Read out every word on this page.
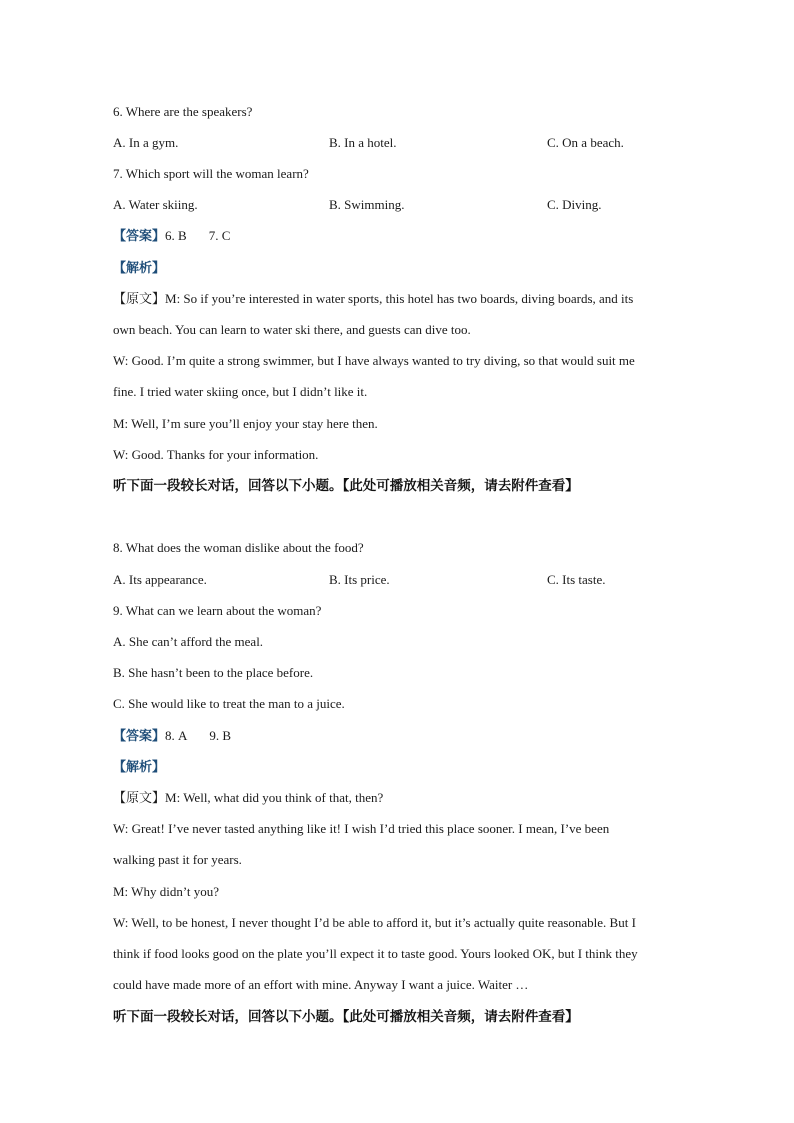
6. Where are the speakers?
A. In a gym.	B. In a hotel.	C. On a beach.
7. Which sport will the woman learn?
A. Water skiing.	B. Swimming.	C. Diving.
【答案】6. B 7. C
【解析】
【原文】M: So if you’re interested in water sports, this hotel has two boards, diving boards, and its
own beach. You can learn to water ski there, and guests can dive too.
W: Good. I’m quite a strong swimmer, but I have always wanted to try diving, so that would suit me
fine. I tried water skiing once, but I didn’t like it.
M: Well, I’m sure you’ll enjoy your stay here then.
W: Good. Thanks for your information.
听下面一段较长对话，回答以下小题。【此处可播放相关音频，请去附件查看】
8. What does the woman dislike about the food?
A. Its appearance.	B. Its price.	C. Its taste.
9. What can we learn about the woman?
A. She can’t afford the meal.
B. She hasn’t been to the place before.
C. She would like to treat the man to a juice.
【答案】8. A 9. B
【解析】
【原文】M: Well, what did you think of that, then?
W: Great! I’ve never tasted anything like it! I wish I’d tried this place sooner. I mean, I’ve been
walking past it for years.
M: Why didn’t you?
W: Well, to be honest, I never thought I’d be able to afford it, but it’s actually quite reasonable. But I
think if food looks good on the plate you’ll expect it to taste good. Yours looked OK, but I think they
could have made more of an effort with mine. Anyway I want a juice. Waiter …
听下面一段较长对话，回答以下小题。【此处可播放相关音频，请去附件查看】
